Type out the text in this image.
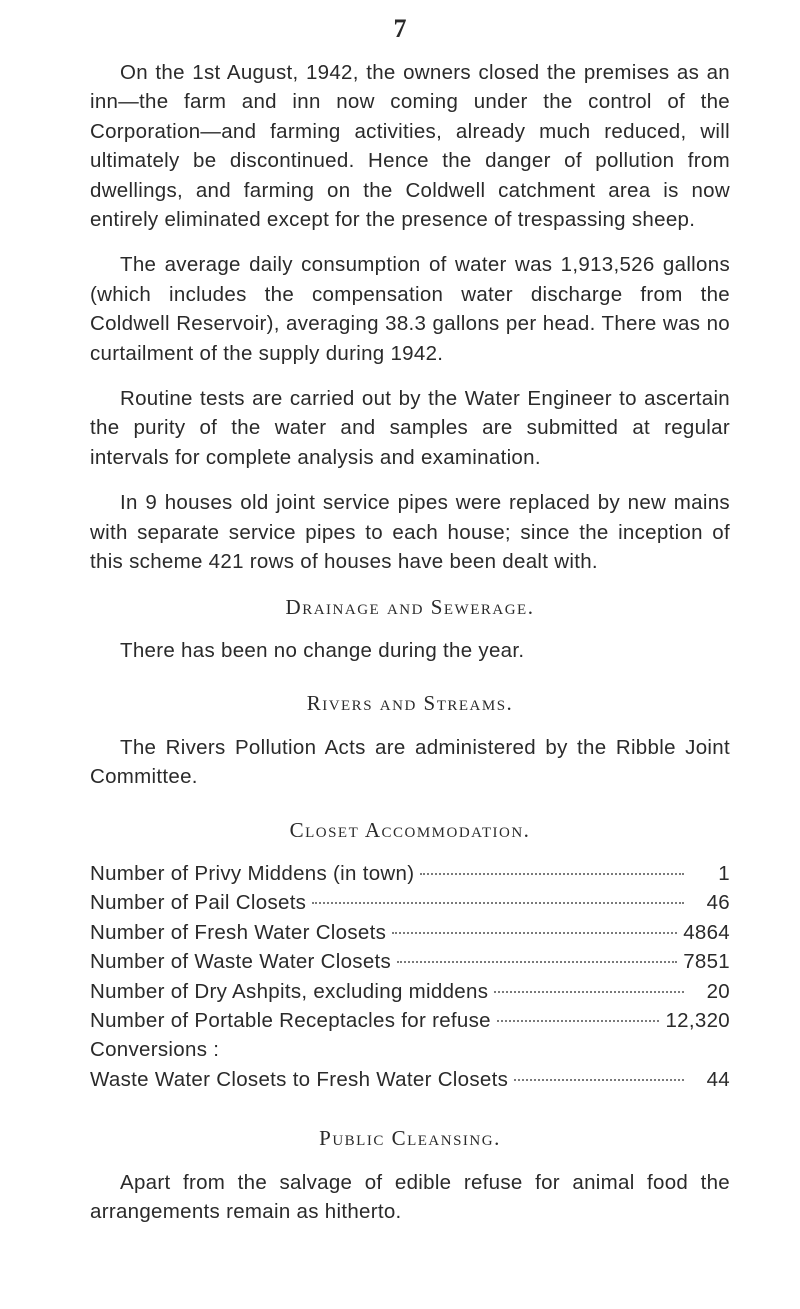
7

On the 1st August, 1942, the owners closed the premises as an inn—the farm and inn now coming under the control of the Corporation—and farming activities, already much reduced, will ultimately be discontinued. Hence the danger of pollution from dwellings, and farming on the Coldwell catchment area is now entirely eliminated except for the presence of trespassing sheep.

The average daily consumption of water was 1,913,526 gallons (which includes the compensation water discharge from the Coldwell Reservoir), averaging 38.3 gallons per head. There was no curtailment of the supply during 1942.

Routine tests are carried out by the Water Engineer to ascertain the purity of the water and samples are submitted at regular intervals for complete analysis and examination.

In 9 houses old joint service pipes were replaced by new mains with separate service pipes to each house; since the inception of this scheme 421 rows of houses have been dealt with.

Drainage and Sewerage.

There has been no change during the year.

Rivers and Streams.

The Rivers Pollution Acts are administered by the Ribble Joint Committee.

Closet Accommodation.
Number of Privy Middens (in town)	1
Number of Pail Closets	46
Number of Fresh Water Closets	4864
Number of Waste Water Closets	7851
Number of Dry Ashpits, excluding middens	20
Number of Portable Receptacles for refuse	12,320
Conversions :
Waste Water Closets to Fresh Water Closets	44
Public Cleansing.

Apart from the salvage of edible refuse for animal food the arrangements remain as hitherto.
